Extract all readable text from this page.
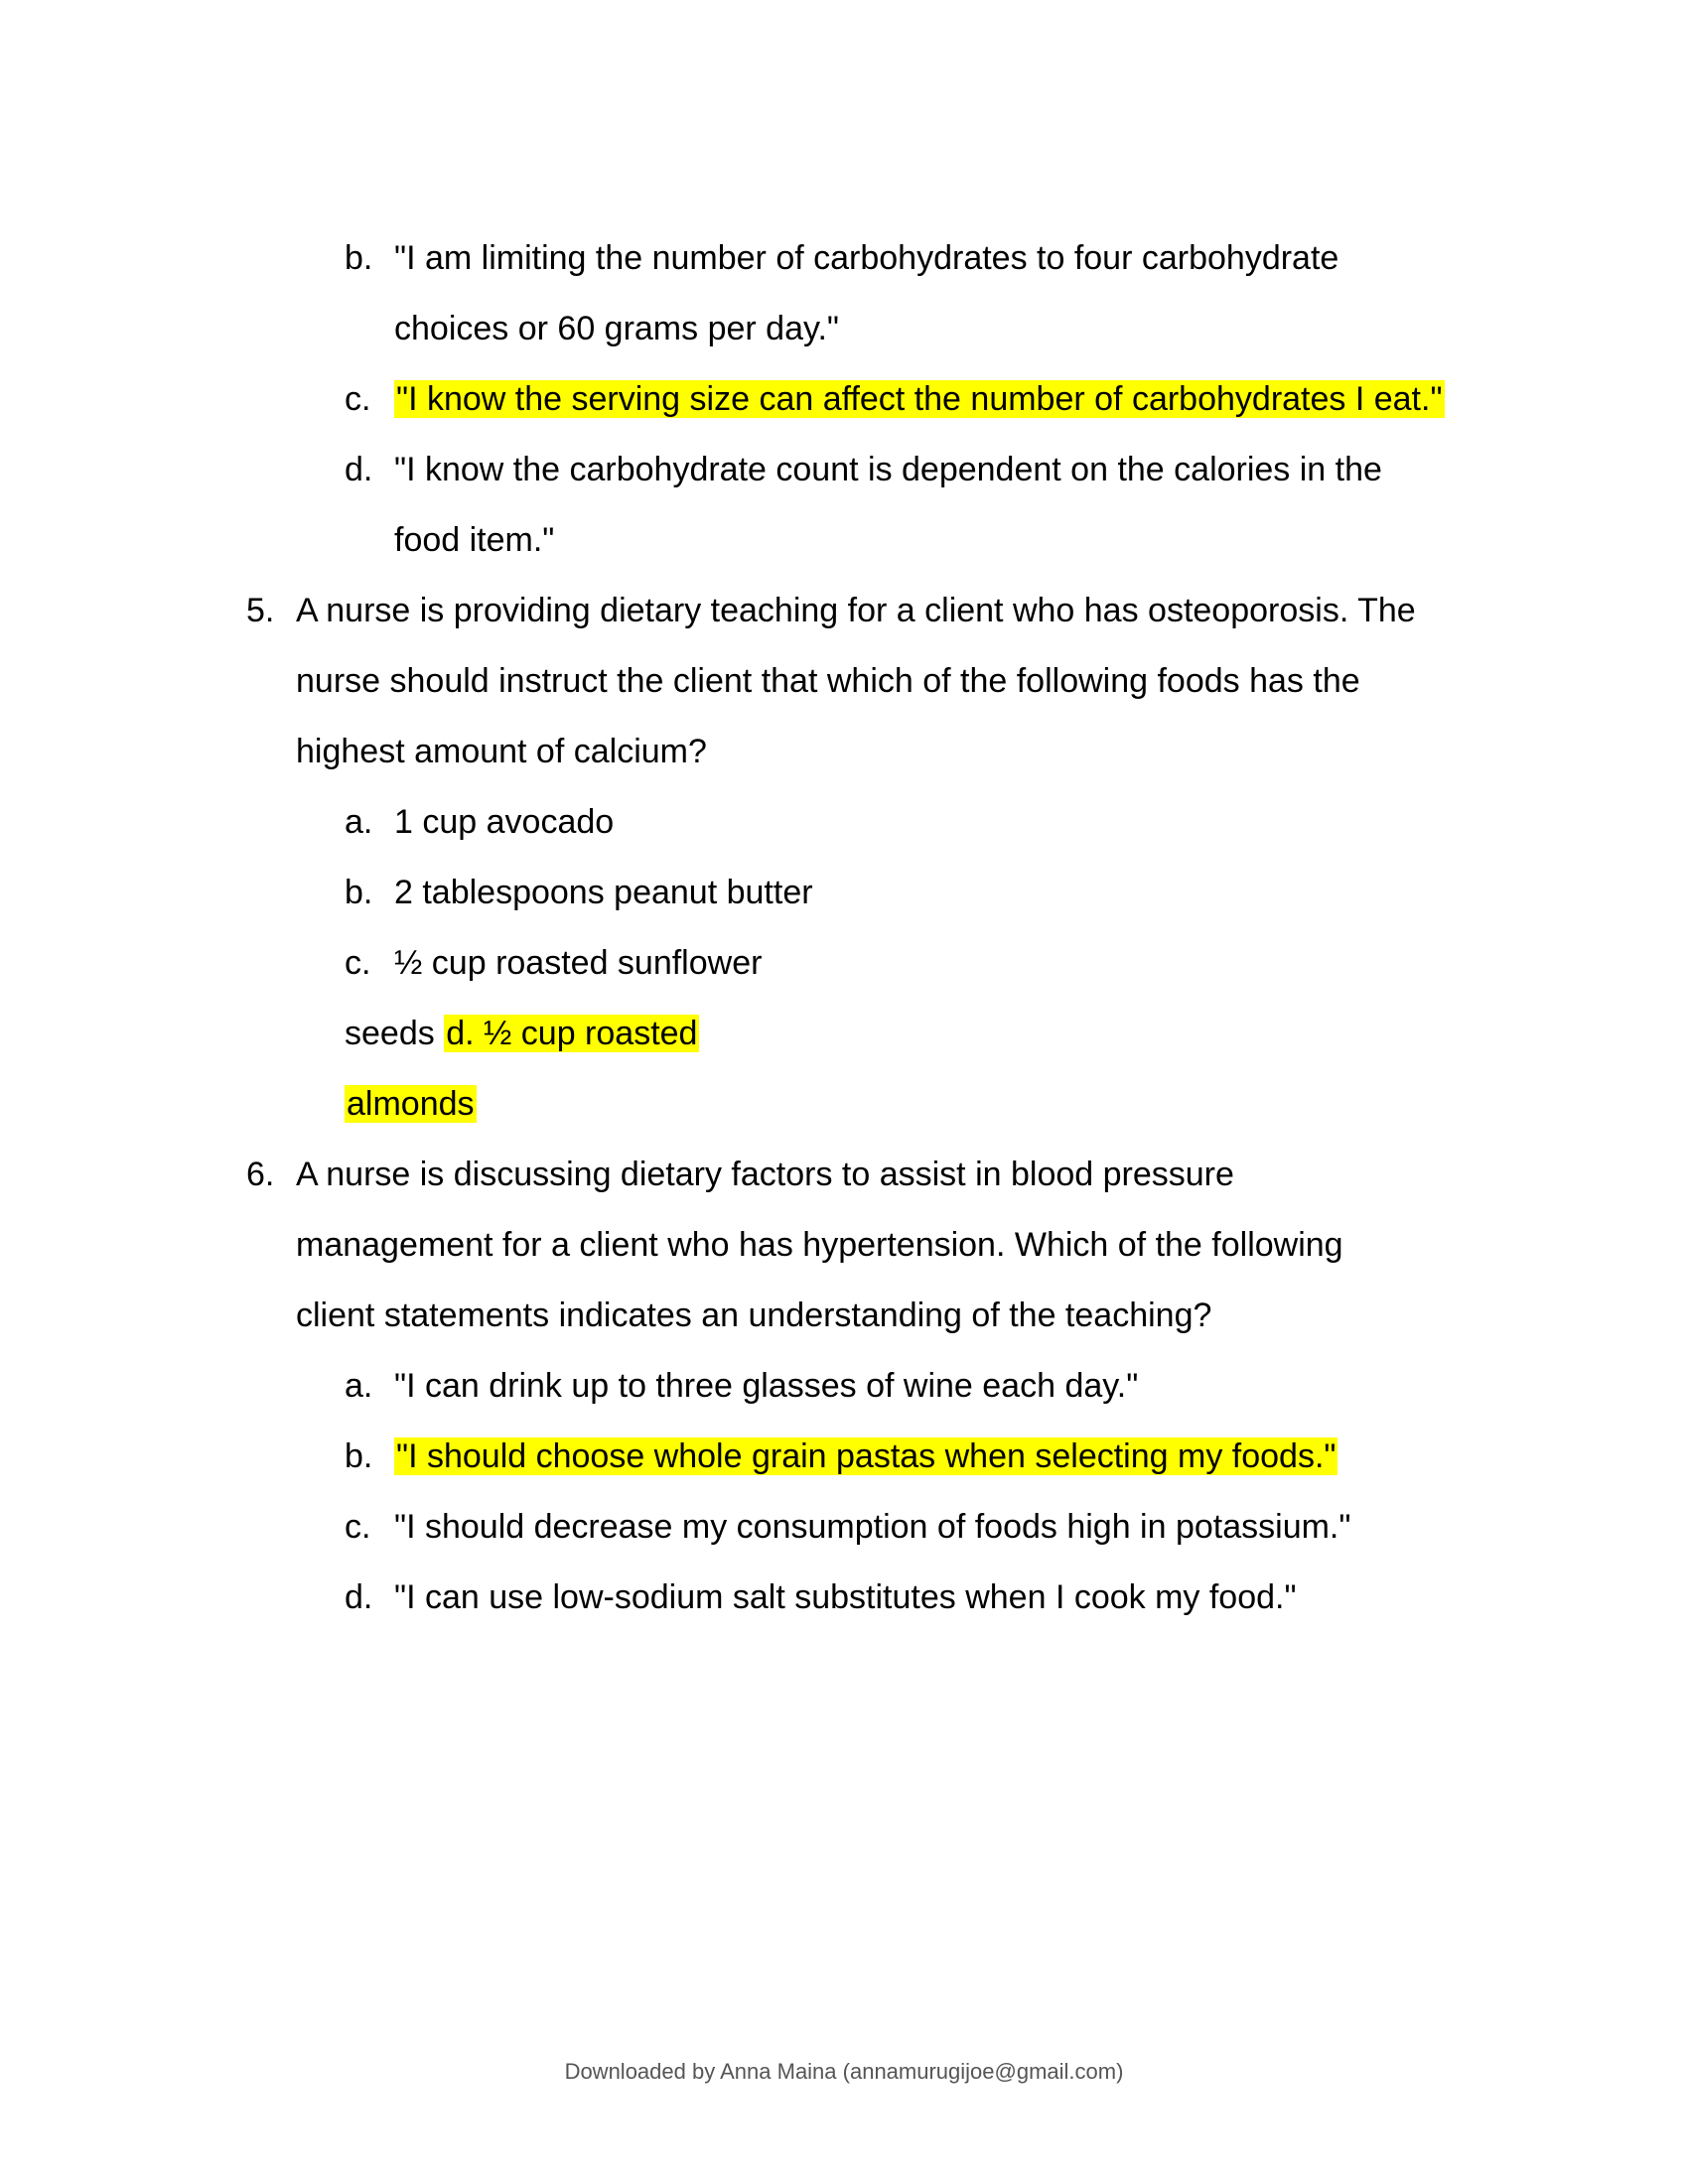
b. "I am limiting the number of carbohydrates to four carbohydrate
choices or 60 grams per day."
c. "I know the serving size can affect the number of carbohydrates I eat."
d. "I know the carbohydrate count is dependent on the calories in the
food item."
5. A nurse is providing dietary teaching for a client who has osteoporosis. The
nurse should instruct the client that which of the following foods has the
highest amount of calcium?
a. 1 cup avocado
b. 2 tablespoons peanut butter
c. ½ cup roasted sunflower
seeds d. ½ cup roasted
almonds
6. A nurse is discussing dietary factors to assist in blood pressure
management for a client who has hypertension. Which of the following
client statements indicates an understanding of the teaching?
a. "I can drink up to three glasses of wine each day."
b. "I should choose whole grain pastas when selecting my foods."
c. "I should decrease my consumption of foods high in potassium."
d. "I can use low-sodium salt substitutes when I cook my food."
Downloaded by Anna Maina (annamurugijoe@gmail.com)
